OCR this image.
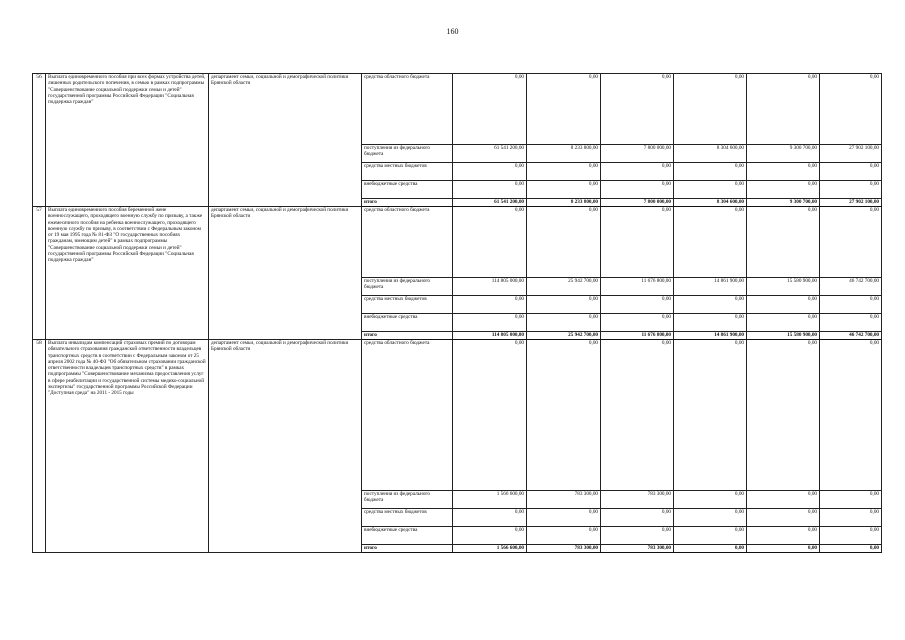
160
56	Выплата единовременного пособия при всех формах устройства детей, лишенных родительского попечения, в семью в рамках подпрограммы "Совершенствование социальной поддержки семьи и детей" государственной программы Российской Федерации "Социальная поддержка граждан"	департамент семьи, социальной и демографической политики Брянской области	средства областного бюджета	0,00	0,00	0,00	0,00	0,00	0,00
			поступления из федерального бюджета	61 541 200,00	8 233 800,00	7 800 000,00	8 304 600,00	9 300 700,00	27 902 100,00
			средства местных бюджетов	0,00	0,00	0,00	0,00	0,00	0,00
			внебюджетные средства	0,00	0,00	0,00	0,00	0,00	0,00
			итого	61 541 200,00	8 233 800,00	7 800 000,00	8 304 600,00	9 300 700,00	27 902 100,00
57	Выплата единовременного пособия беременной жене военнослужащего, проходящего военную службу по призыву, а также ежемесячного пособия на ребенка военнослужащего, проходящего военную службу по призыву, в соответствии с Федеральным законом от 19 мая 1995 года № 81-ФЗ "О государственных пособиях гражданам, имеющим детей" в рамках подпрограммы "Совершенствование социальной поддержки семьи и детей" государственной программы Российской Федерации "Социальная поддержка граждан"	департамент семьи, социальной и демографической политики Брянской области	средства областного бюджета	0,00	0,00	0,00	0,00	0,00	0,00
			поступления из федерального бюджета	114 805 000,00	25 942 700,00	11 676 800,00	14 861 900,00	15 580 900,00	46 742 700,00
			средства местных бюджетов	0,00	0,00	0,00	0,00	0,00	0,00
			внебюджетные средства	0,00	0,00	0,00	0,00	0,00	0,00
			итого	114 805 000,00	25 942 700,00	11 676 800,00	14 861 900,00	15 580 900,00	46 742 700,00
58	Выплата инвалидам компенсаций страховых премий по договорам обязательного страхования гражданской ответственности владельцев транспортных средств в соответствии с Федеральным законом от 25 апреля 2002 года № 40-ФЗ "Об обязательном страховании гражданской ответственности владельцев транспортных средств" в рамках подпрограммы "Совершенствование механизма предоставления услуг в сфере реабилитации и государственной системы медико-социальной экспертизы" государственной программы Российской Федерации "Доступная среда" на 2011 - 2015 годы	департамент семьи, социальной и демографической политики Брянской области	средства областного бюджета	0,00	0,00	0,00	0,00	0,00	0,00
			поступления из федерального бюджета	1 566 600,00	783 300,00	783 300,00	0,00	0,00	0,00
			средства местных бюджетов	0,00	0,00	0,00	0,00	0,00	0,00
			внебюджетные средства	0,00	0,00	0,00	0,00	0,00	0,00
			итого	1 566 600,00	783 300,00	783 300,00	0,00	0,00	0,00
